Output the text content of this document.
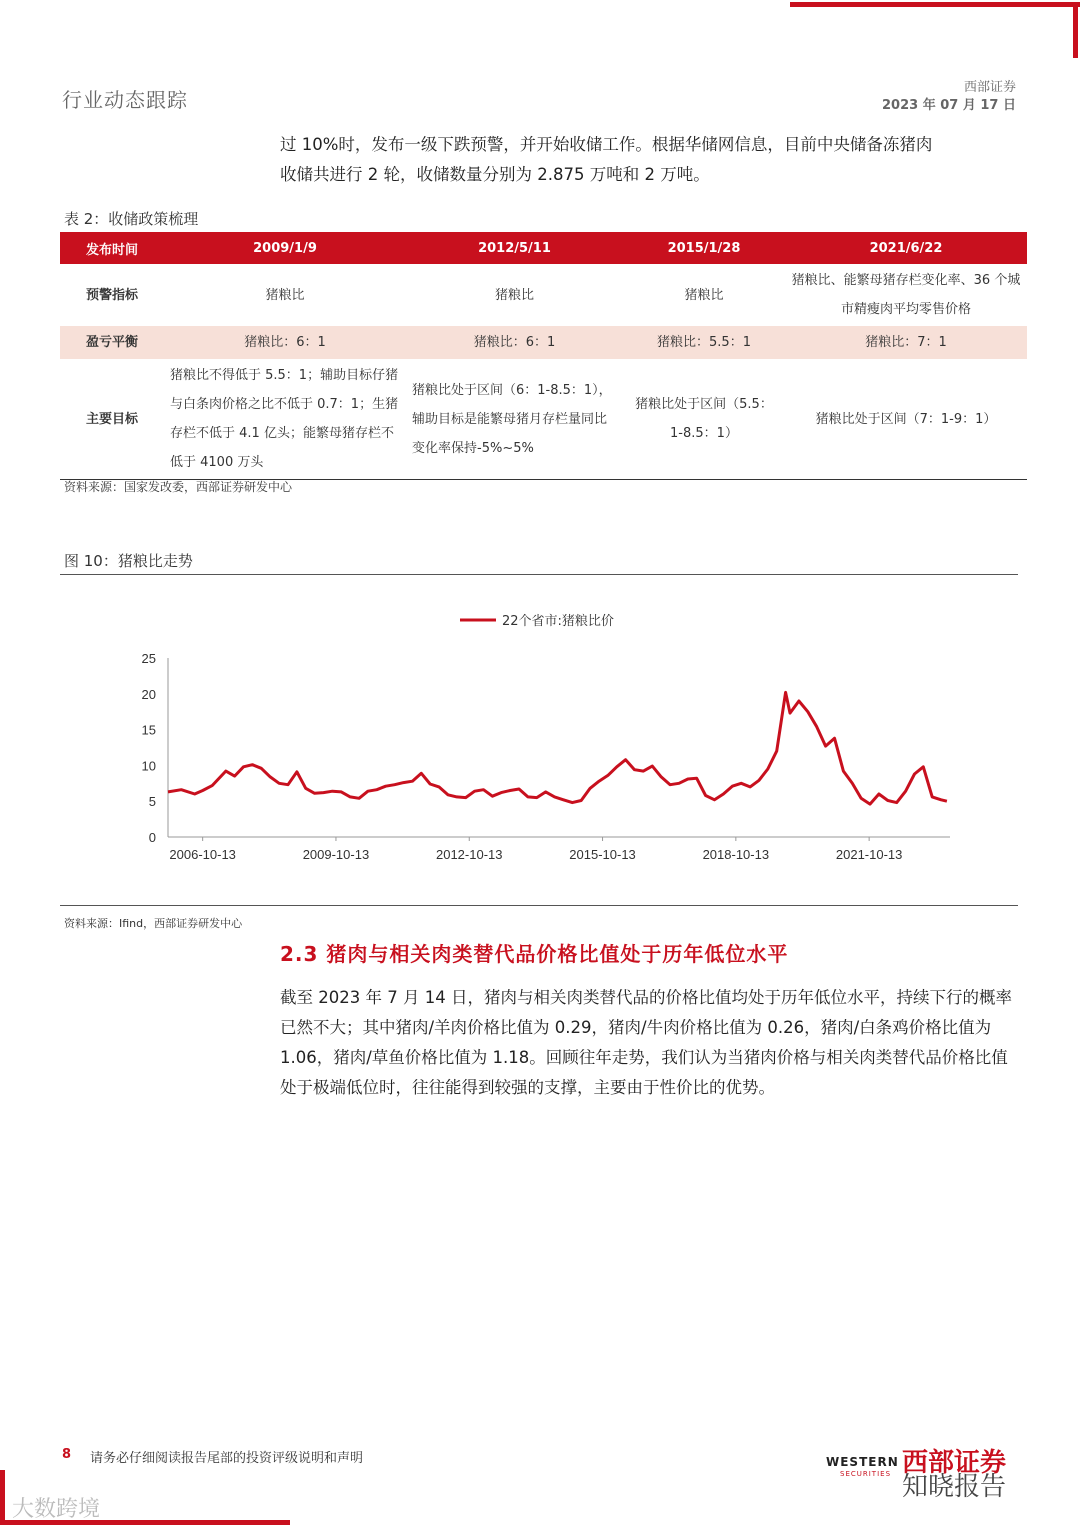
行业动态跟踪
西部证券
2023 年 07 月 17 日
过 10%时，发布一级下跌预警，并开始收储工作。根据华储网信息，目前中央储备冻猪肉
收储共进行 2 轮，收储数量分别为 2.875 万吨和 2 万吨。
表 2：收储政策梳理
发布时间	2009/1/9	2012/5/11	2015/1/28	2021/6/22
预警指标	猪粮比	猪粮比	猪粮比	猪粮比、能繁母猪存栏变化率、36 个城市精瘦肉平均零售价格
盈亏平衡	猪粮比：6：1	猪粮比：6：1	猪粮比：5.5：1	猪粮比：7：1
主要目标	猪粮比不得低于 5.5：1；辅助目标仔猪与白条肉价格之比不低于 0.7：1；生猪存栏不低于 4.1 亿头；能繁母猪存栏不低于 4100 万头	猪粮比处于区间（6：1-8.5：1），辅助目标是能繁母猪月存栏量同比变化率保持-5%~5%	猪粮比处于区间（5.5：1-8.5：1）	猪粮比处于区间（7：1-9：1）
资料来源：国家发改委，西部证券研发中心
图 10：猪粮比走势
0
5
10
15
20
25
2006-10-13	2009-10-13	2012-10-13	2015-10-13	2018-10-13	2021-10-13
22个省市:猪粮比价
资料来源：Ifind，西部证券研发中心
2.3 猪肉与相关肉类替代品价格比值处于历年低位水平
截至 2023 年 7 月 14 日，猪肉与相关肉类替代品的价格比值均处于历年低位水平，持续下行的概率已然不大；其中猪肉/羊肉价格比值为 0.29，猪肉/牛肉价格比值为 0.26，猪肉/白条鸡价格比值为 1.06，猪肉/草鱼价格比值为 1.18。回顾往年走势，我们认为当猪肉价格与相关肉类替代品价格比值处于极端低位时，往往能得到较强的支撑，主要由于性价比的优势。
8 请务必仔细阅读报告尾部的投资评级说明和声明	WESTERN
SECURITIES 西部证券
大数跨境
知晓报告
